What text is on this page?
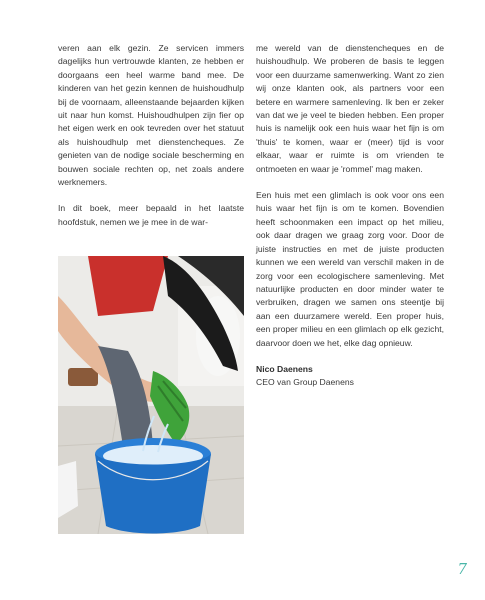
veren aan elk gezin. Ze servicen immers dagelijks hun vertrouwde klanten, ze hebben er doorgaans een heel warme band mee. De kinderen van het gezin kennen de huishoudhulp bij de voornaam, alleenstaande bejaarden kijken uit naar hun komst. Huishoudhulpen zijn fier op het eigen werk en ook tevreden over het statuut als huishoudhulp met dienstencheques. Ze genieten van de nodige sociale bescherming en bouwen sociale rechten op, net zoals andere werknemers.

In dit boek, meer bepaald in het laatste hoofdstuk, nemen we je mee in de war-

me wereld van de dienstencheques en de huishoudhulp. We proberen de basis te leggen voor een duurzame samenwerking. Want zo zien wij onze klanten ook, als partners voor een betere en warmere samenleving. Ik ben er zeker van dat we je veel te bieden hebben. Een proper huis is namelijk ook een huis waar het fijn is om 'thuis' te komen, waar er (meer) tijd is voor elkaar, waar er ruimte is om vrienden te ontmoeten en waar je 'rommel' mag maken.

Een huis met een glimlach is ook voor ons een huis waar het fijn is om te komen. Bovendien heeft schoonmaken een impact op het milieu, ook daar dragen we graag zorg voor. Door de juiste instructies en met de juiste producten kunnen we een wereld van verschil maken in de zorg voor een ecologischere samenleving. Met natuurlijke producten en door minder water te verbruiken, dragen we samen ons steentje bij aan een duurzamere wereld. Een proper huis, een proper milieu en een glimlach op elk gezicht, daarvoor doen we het, elke dag opnieuw.

Nico Daenens
CEO van Group Daenens
7
